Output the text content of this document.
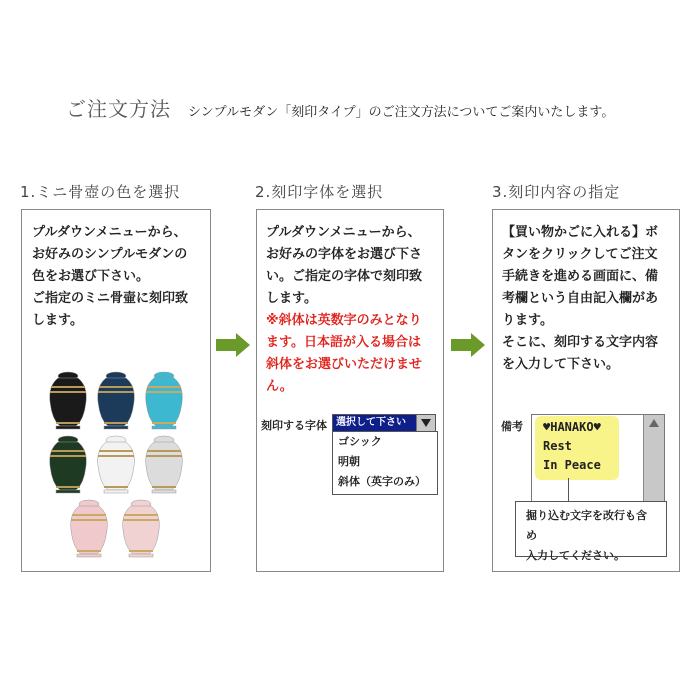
ご注文方法 シンプルモダン「刻印タイプ」のご注文方法についてご案内いたします。
1.ミニ骨壺の色を選択	2.刻印字体を選択	3.刻印内容の指定
プルダウンメニューから、
お好みのシンプルモダンの
色をお選び下さい。
ご指定のミニ骨壷に刻印致
します。
プルダウンメニューから、
お好みの字体をお選び下さ
い。ご指定の字体で刻印致
します。
※斜体は英数字のみとなり
ます。日本語が入る場合は
斜体をお選びいただけませ
ん。
刻印する字体 選択して下さい
ゴシック
明朝
斜体（英字のみ）
【買い物かごに入れる】ボ
タンをクリックしてご注文
手続きを進める画面に、備
考欄という自由記入欄があ
ります。
そこに、刻印する文字内容
を入力して下さい。
備考 ♥HANAKO♥
Rest
In Peace
掘り込む文字を改行も含め
入力してください。
